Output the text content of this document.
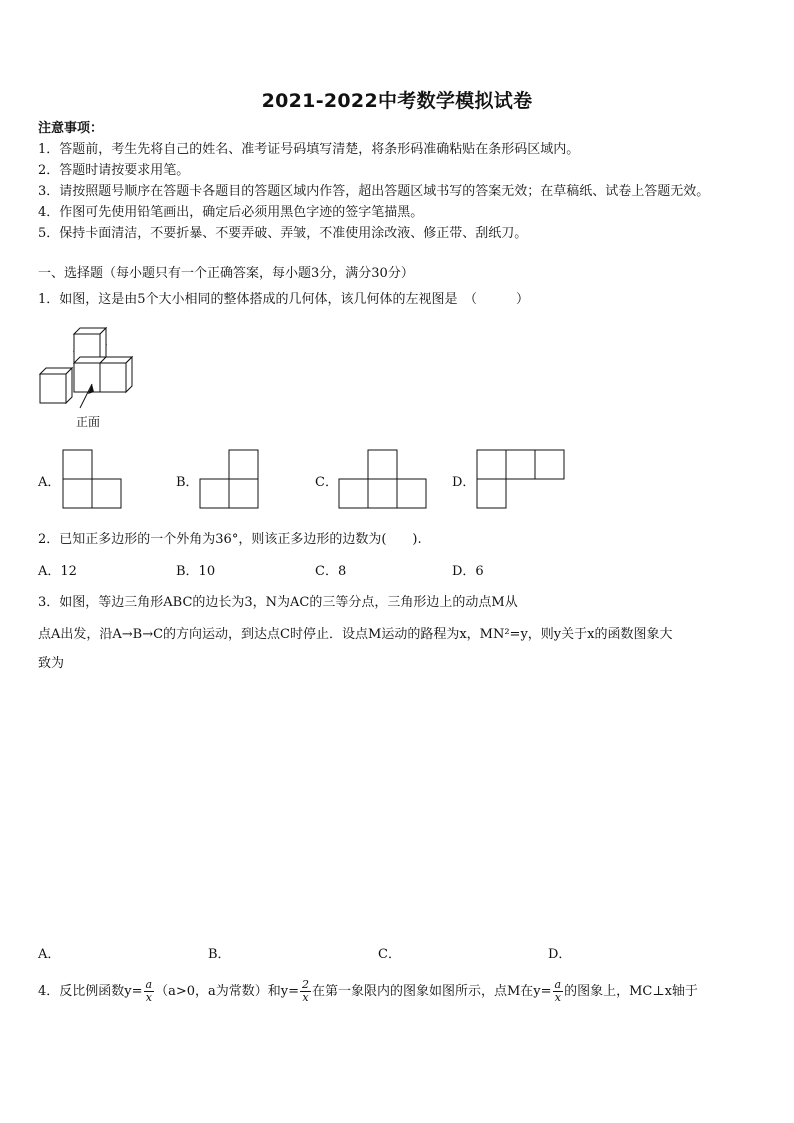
2021-2022中考数学模拟试卷
注意事项：
1．答题前，考生先将自己的姓名、准考证号码填写清楚，将条形码准确粘贴在条形码区域内。
2．答题时请按要求用笔。
3．请按照题号顺序在答题卡各题目的答题区域内作答，超出答题区域书写的答案无效；在草稿纸、试卷上答题无效。
4．作图可先使用铅笔画出，确定后必须用黑色字迹的签字笔描黑。
5．保持卡面清洁，不要折暴、不要弄破、弄皱，不准使用涂改液、修正带、刮纸刀。
一、选择题（每小题只有一个正确答案，每小题3分，满分30分）
1．如图，这是由5个大小相同的整体搭成的几何体，该几何体的左视图是　（　　　）
正面
A．	B．	C．	D．
2．已知正多边形的一个外角为36°，则该正多边形的边数为(　　).
A．12	B．10	C．8	D．6
3．如图，等边三角形ABC的边长为3，N为AC的三等分点，三角形边上的动点M从
点A出发，沿A→B→C的方向运动，到达点C时停止．设点M运动的路程为x，MN²=y，则y关于x的函数图象大
致为
A．	B．	C．	D．
4．反比例函数$y= \frac{a}{x} (a>0$，a为常数）和$y= \frac{2}{x}$ 在第一象限内的图象如图所示，点M在$y= \frac{a}{x}$ 的图象上，MC⊥x轴于
